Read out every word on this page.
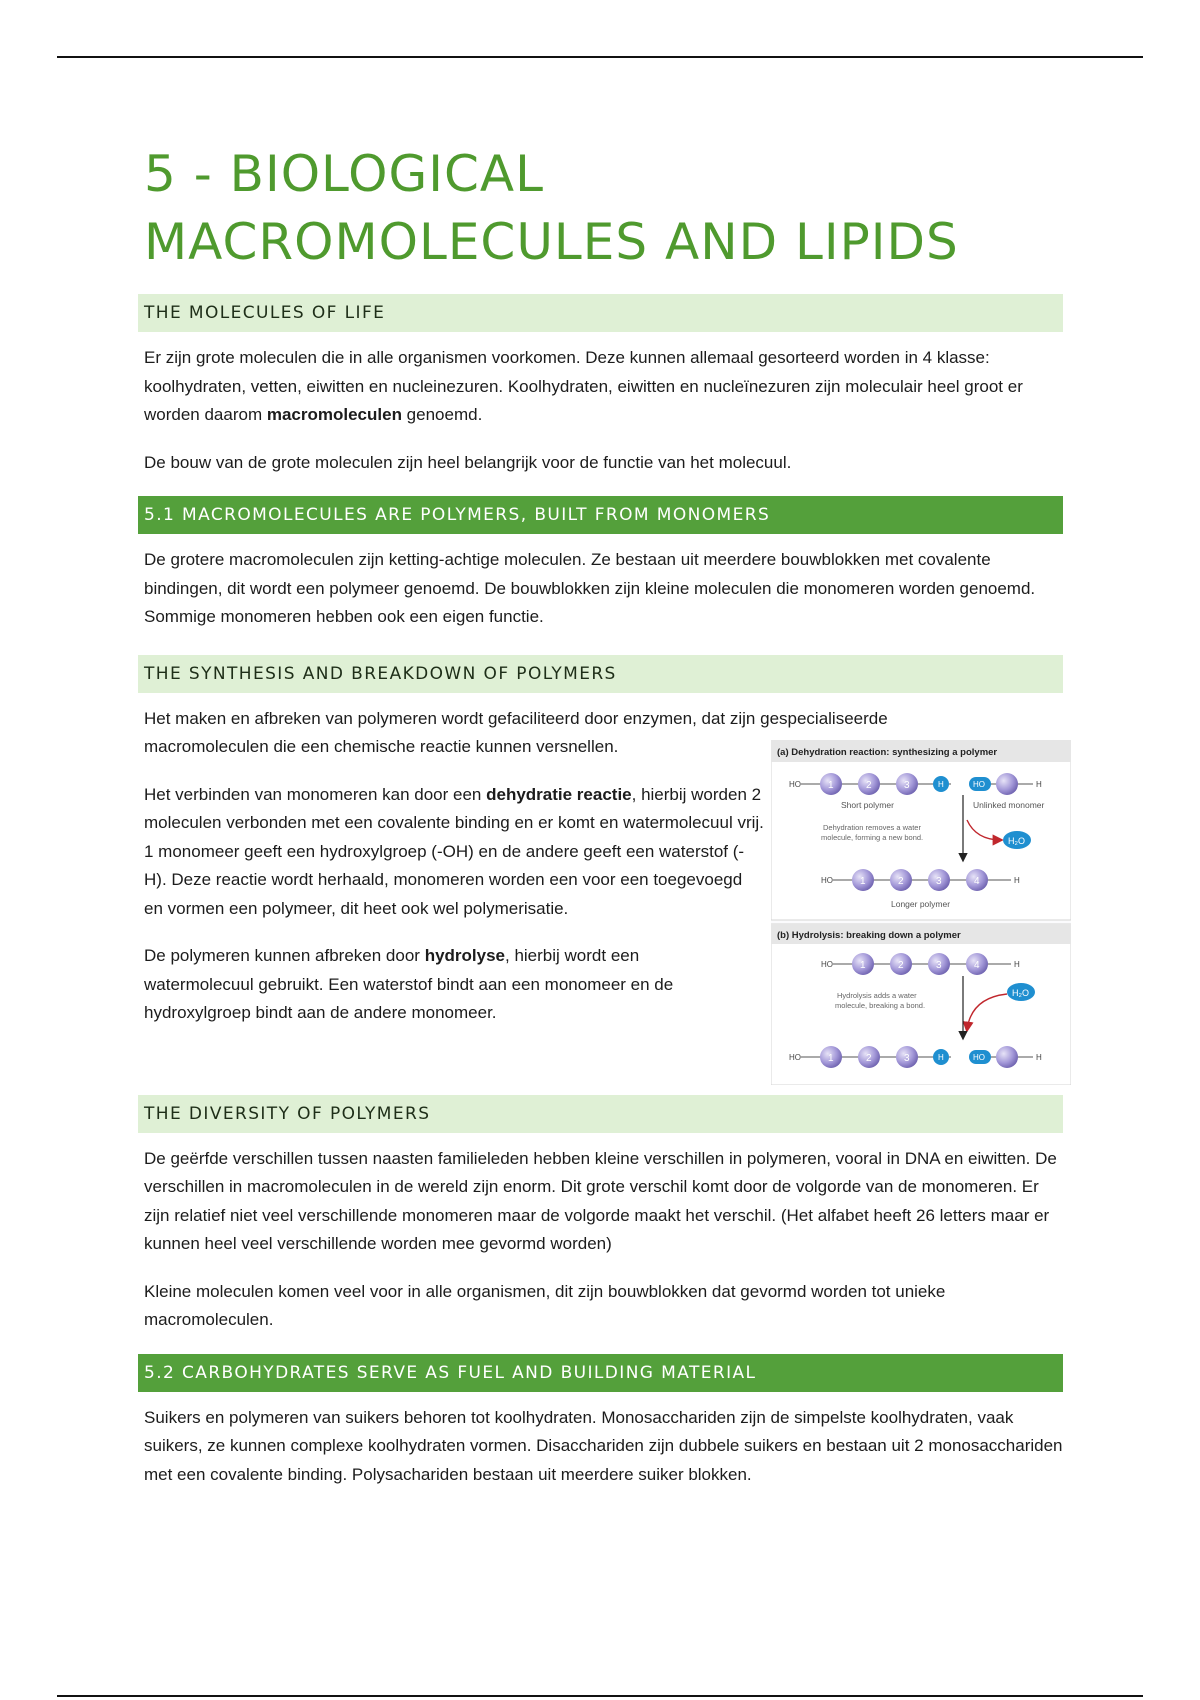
5 - BIOLOGICAL
MACROMOLECULES AND LIPIDS
THE MOLECULES OF LIFE

Er zijn grote moleculen die in alle organismen voorkomen. Deze kunnen allemaal gesorteerd worden in 4 klasse: koolhydraten, vetten, eiwitten en nucleinezuren. Koolhydraten, eiwitten en nucleïnezuren zijn moleculair heel groot er worden daarom macromoleculen genoemd.

De bouw van de grote moleculen zijn heel belangrijk voor de functie van het molecuul.

5.1 MACROMOLECULES ARE POLYMERS, BUILT FROM MONOMERS

De grotere macromoleculen zijn ketting-achtige moleculen. Ze bestaan uit meerdere bouwblokken met covalente bindingen, dit wordt een polymeer genoemd. De bouwblokken zijn kleine moleculen die monomeren worden genoemd. Sommige monomeren hebben ook een eigen functie.

THE SYNTHESIS AND BREAKDOWN OF POLYMERS

Het maken en afbreken van polymeren wordt gefaciliteerd door enzymen, dat zijn gespecialiseerde macromoleculen die een chemische reactie kunnen versnellen.

Het verbinden van monomeren kan door een dehydratie reactie, hierbij worden 2 moleculen verbonden met een covalente binding en er komt en watermolecuul vrij. 1 monomeer geeft een hydroxylgroep (-OH) en de andere geeft een waterstof (-H). Deze reactie wordt herhaald, monomeren worden een voor een toegevoegd en vormen een polymeer, dit heet ook wel polymerisatie.

De polymeren kunnen afbreken door hydrolyse, hierbij wordt een watermolecuul gebruikt. Een waterstof bindt aan een monomeer en de hydroxylgroep bindt aan de andere monomeer.

THE DIVERSITY OF POLYMERS

De geërfde verschillen tussen naasten familieleden hebben kleine verschillen in polymeren, vooral in DNA en eiwitten. De verschillen in macromoleculen in de wereld zijn enorm. Dit grote verschil komt door de volgorde van de monomeren. Er zijn relatief niet veel verschillende monomeren maar de volgorde maakt het verschil. (Het alfabet heeft 26 letters maar er kunnen heel veel verschillende worden mee gevormd worden)

Kleine moleculen komen veel voor in alle organismen, dit zijn bouwblokken dat gevormd worden tot unieke macromoleculen.

5.2 CARBOHYDRATES SERVE AS FUEL AND BUILDING MATERIAL

Suikers en polymeren van suikers behoren tot koolhydraten. Monosacchariden zijn de simpelste koolhydraten, vaak suikers, ze kunnen complexe koolhydraten vormen. Disacchariden zijn dubbele suikers en bestaan uit 2 monosacchariden met een covalente binding. Polysachariden bestaan uit meerdere suiker blokken.

(a) Dehydration reaction: synthesizing a polymer
HO	1	2	3	H	HO	H
Short polymer	Unlinked monomer
Dehydration removes a water
molecule, forming a new bond.	H₂O
HO	1	2	3	4	H
Longer polymer
(b) Hydrolysis: breaking down a polymer
HO	1	2	3	4	H
Hydrolysis adds a water
molecule, breaking a bond.
H₂O
HO	1	2	3	H	HO	H
